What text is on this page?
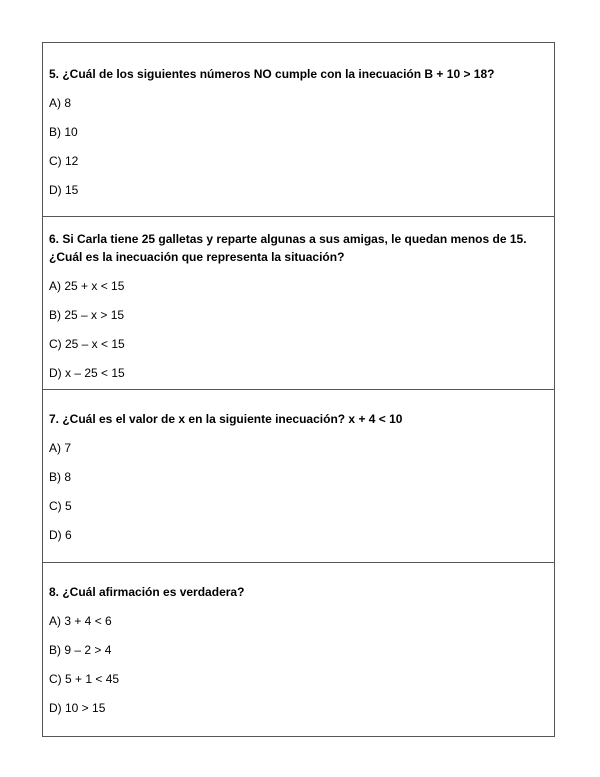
5. ¿Cuál de los siguientes números NO cumple con la inecuación B + 10 > 18?

A) 8
B) 10
C) 12
D) 15

6. Si Carla tiene 25 galletas y reparte algunas a sus amigas, le quedan menos de 15. ¿Cuál es la inecuación que representa la situación?

A) 25 + x < 15
B) 25 – x > 15
C) 25 – x < 15
D) x – 25 < 15

7. ¿Cuál es el valor de x en la siguiente inecuación? x + 4 < 10

A) 7
B) 8
C) 5
D) 6

8. ¿Cuál afirmación es verdadera?

A) 3 + 4 < 6
B) 9 – 2 > 4
C) 5 + 1 < 45
D) 10 > 15
